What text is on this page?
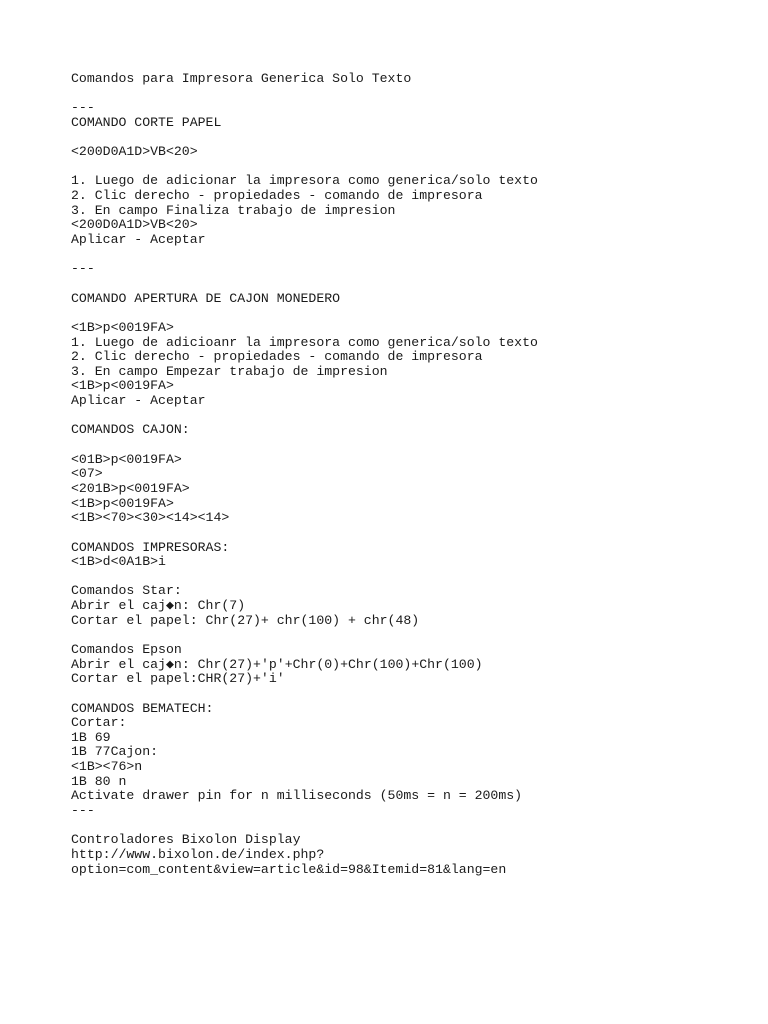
Comandos para Impresora Generica Solo Texto
---
COMANDO CORTE PAPEL
<200D0A1D>VB<20>
1. Luego de adicionar la impresora como generica/solo texto
2. Clic derecho - propiedades - comando de impresora
3. En campo Finaliza trabajo de impresion
<200D0A1D>VB<20>
Aplicar - Aceptar
---
COMANDO APERTURA DE CAJON MONEDERO
<1B>p<0019FA>
1. Luego de adicioanr la impresora como generica/solo texto
2. Clic derecho - propiedades - comando de impresora
3. En campo Empezar trabajo de impresion
<1B>p<0019FA>
Aplicar - Aceptar
COMANDOS CAJON:
<01B>p<0019FA>
<07>
<201B>p<0019FA>
<1B>p<0019FA>
<1B><70><30><14><14>
COMANDOS IMPRESORAS:
<1B>d<0A1B>i
Comandos Star:
Abrir el caj◆n: Chr(7)
Cortar el papel: Chr(27)+ chr(100) + chr(48)
Comandos Epson
Abrir el caj◆n: Chr(27)+'p'+Chr(0)+Chr(100)+Chr(100)
Cortar el papel:CHR(27)+'i'
COMANDOS BEMATECH:
Cortar:
1B 69
1B 77Cajon:
<1B><76>n
1B 80 n
Activate drawer pin for n milliseconds (50ms = n = 200ms)
---
Controladores Bixolon Display
http://www.bixolon.de/index.php?
option=com_content&view=article&id=98&Itemid=81&lang=en
